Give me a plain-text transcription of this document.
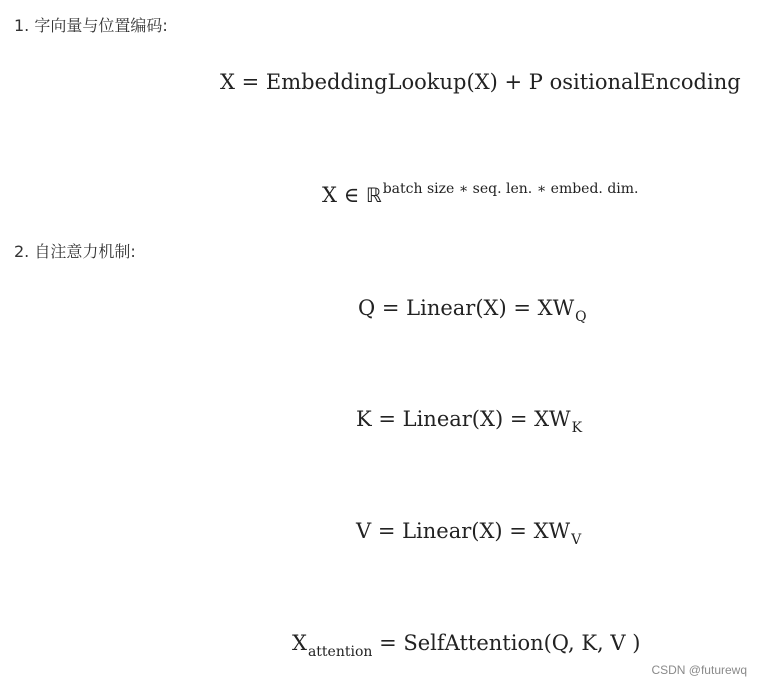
1. 字向量与位置编码:
X = EmbeddingLookup(X) + P ositionalEncoding
X ∈ ℝ$^{batch size ∗ seq. len. ∗ embed. dim.}$
2. 自注意力机制:
Q = Linear(X) = $XW_Q$
K = Linear(X) = $XW_K$
V = Linear(X) = $XW_V$
$X_{attention}$ = SelfAttention(Q, K, V )
CSDN @futurewq
